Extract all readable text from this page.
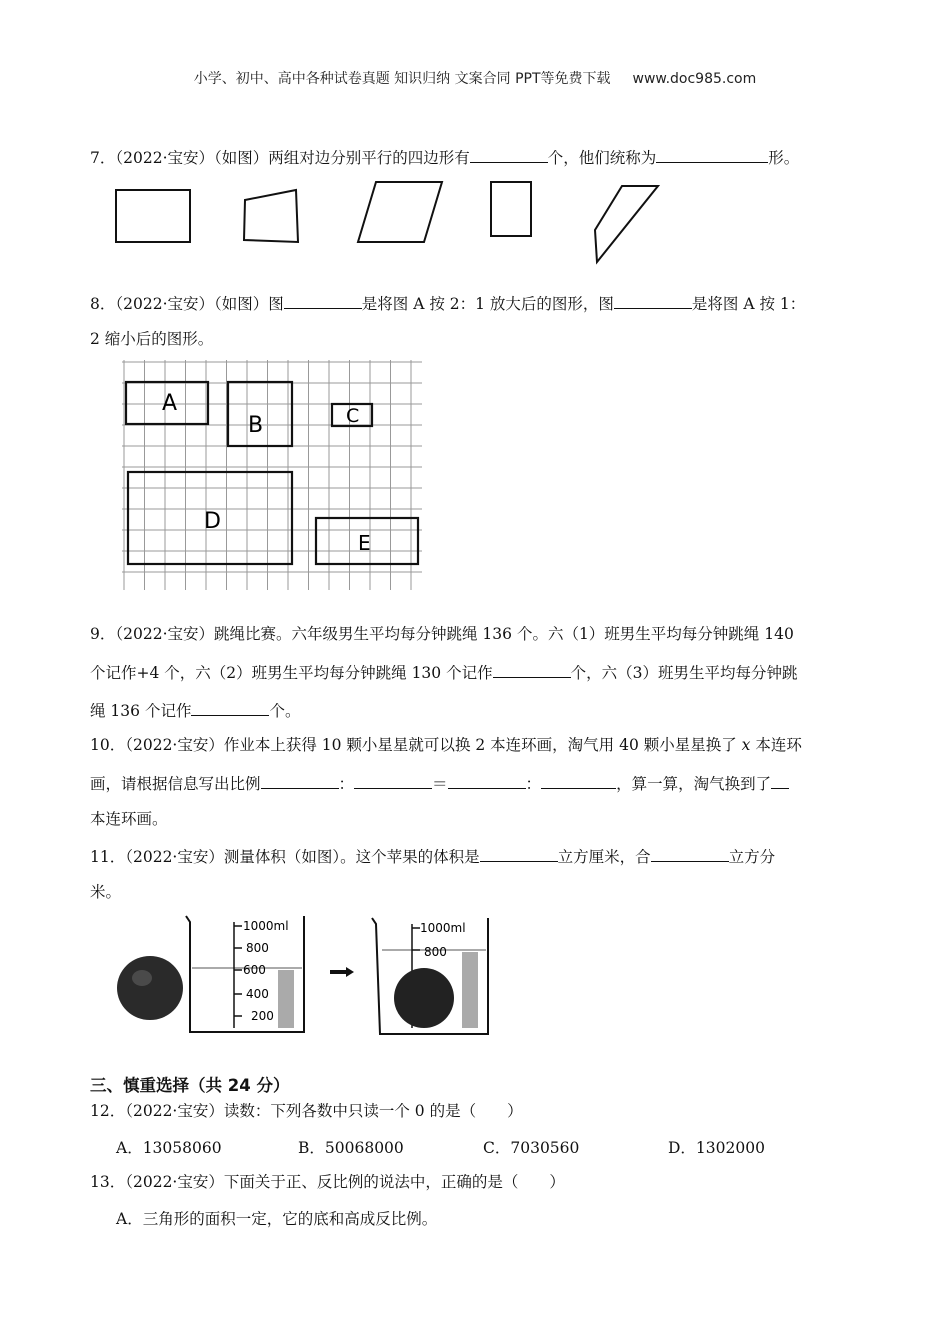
小学、初中、高中各种试卷真题 知识归纳 文案合同 PPT等免费下载 www.doc985.com
7．（2022·宝安）（如图）两组对边分别平行的四边形有	个，他们统称为	形。
8．（2022·宝安）（如图）图	是将图 A 按 2：1 放大后的图形，图	是将图 A 按 1：
2 缩小后的图形。
A
B	C
D
E
9．（2022·宝安）跳绳比赛。六年级男生平均每分钟跳绳 136 个。六（1）班男生平均每分钟跳绳 140
个记作+4 个，六（2）班男生平均每分钟跳绳 130 个记作	个，六（3）班男生平均每分钟跳
绳 136 个记作	个。
10．（2022·宝安）作业本上获得 10 颗小星星就可以换 2 本连环画，淘气用 40 颗小星星换了 x 本连环
画，请根据信息写出比例	：	＝	：	，算一算，淘气换到了
本连环画。
11．（2022·宝安）测量体积（如图）。这个苹果的体积是	立方厘米，合	立方分
米。
1000ml
800
600
400
200
1000ml
800
三、慎重选择（共 24 分）
12．（2022·宝安）读数：下列各数中只读一个 0 的是（　　）
A．13058060	B．50068000	C．7030560	D．1302000
13．（2022·宝安）下面关于正、反比例的说法中，正确的是（　　）
A．三角形的面积一定，它的底和高成反比例。
